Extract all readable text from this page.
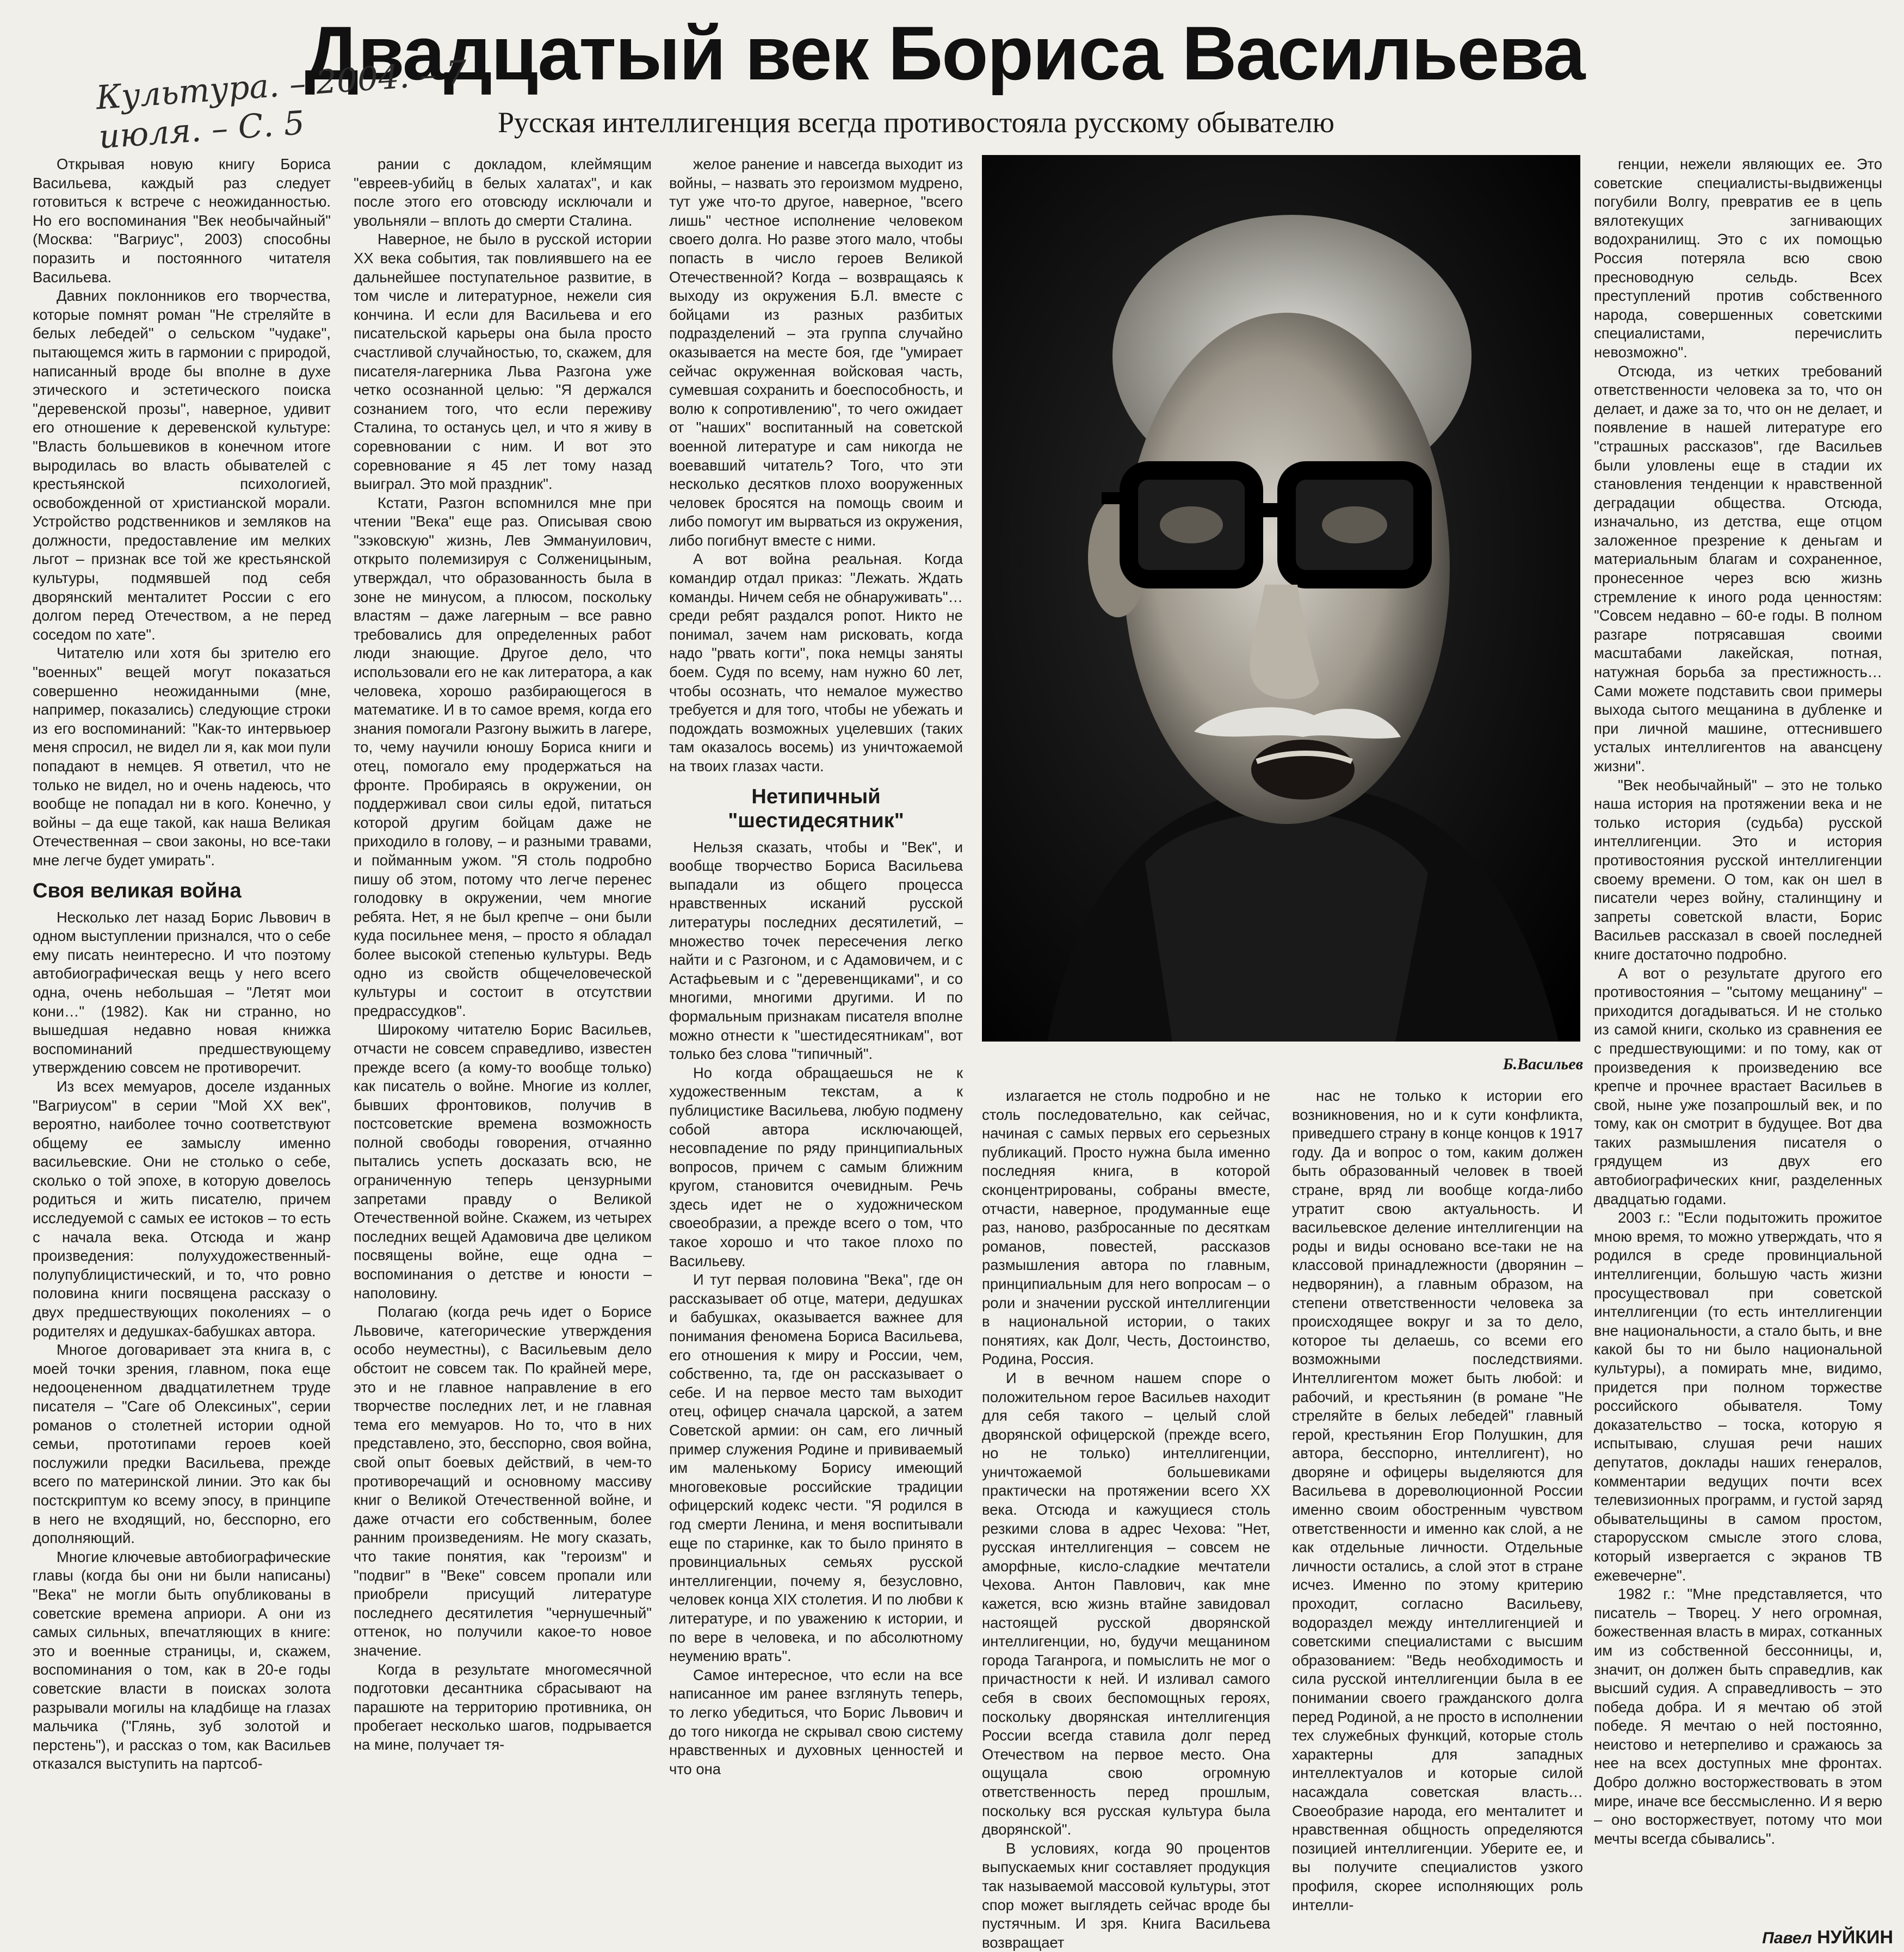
Двадцатый век Бориса Васильева
Культура. – 2004. – 7 июля. – С. 5	Русская интеллигенция всегда противостояла русскому обывателю

Открывая новую книгу Бориса Васильева, каждый раз следует готовиться к встрече с неожиданностью. Но его воспоминания "Век необычайный" (Москва: "Вагриус", 2003) способны поразить и постоянного читателя Васильева.

Давних поклонников его творчества, которые помнят роман "Не стреляйте в белых лебедей" о сельском "чудаке", пытающемся жить в гармонии с природой, написанный вроде бы вполне в духе этического и эстетического поиска "деревенской прозы", наверное, удивит его отношение к деревенской культуре: "Власть большевиков в конечном итоге выродилась во власть обывателей с крестьянской психологией, освобожденной от христианской морали. Устройство родственников и земляков на должности, предоставление им мелких льгот – признак все той же крестьянской культуры, подмявшей под себя дворянский менталитет России с его долгом перед Отечеством, а не перед соседом по хате".

Читателю или хотя бы зрителю его "военных" вещей могут показаться совершенно неожиданными (мне, например, показались) следующие строки из его воспоминаний: "Как-то интервьюер меня спросил, не видел ли я, как мои пули попадают в немцев. Я ответил, что не только не видел, но и очень надеюсь, что вообще не попадал ни в кого. Конечно, у войны – да еще такой, как наша Великая Отечественная – свои законы, но все-таки мне легче будет умирать".

Своя великая война

Несколько лет назад Борис Львович в одном выступлении признался, что о себе ему писать неинтересно. И что поэтому автобиографическая вещь у него всего одна, очень небольшая – "Летят мои кони…" (1982). Как ни странно, но вышедшая недавно новая книжка воспоминаний предшествующему утверждению совсем не противоречит.

Из всех мемуаров, доселе изданных "Вагриусом" в серии "Мой ХХ век", вероятно, наиболее точно соответствуют общему ее замыслу именно васильевские. Они не столько о себе, сколько о той эпохе, в которую довелось родиться и жить писателю, причем исследуемой с самых ее истоков – то есть с начала века. Отсюда и жанр произведения: полухудожественный-полупублицистический, и то, что ровно половина книги посвящена рассказу о двух предшествующих поколениях – о родителях и дедушках-бабушках автора.

Многое договаривает эта книга в, с моей точки зрения, главном, пока еще недооцененном двадцатилетнем труде писателя – "Саге об Олексиных", серии романов о столетней истории одной семьи, прототипами героев коей послужили предки Васильева, прежде всего по материнской линии. Это как бы постскриптум ко всему эпосу, в принципе в него не входящий, но, бесспорно, его дополняющий.

Многие ключевые автобиографические главы (когда бы они ни были написаны) "Века" не могли быть опубликованы в советские времена априори. А они из самых сильных, впечатляющих в книге: это и военные страницы, и, скажем, воспоминания о том, как в 20-е годы советские власти в поисках золота разрывали могилы на кладбище на глазах мальчика ("Глянь, зуб золотой и перстень"), и рассказ о том, как Васильев отказался выступить на партсоб-

рании с докладом, клеймящим "евреев-убийц в белых халатах", и как после этого его отовсюду исключали и увольняли – вплоть до смерти Сталина.

Наверное, не было в русской истории ХХ века события, так повлиявшего на ее дальнейшее поступательное развитие, в том числе и литературное, нежели сия кончина. И если для Васильева и его писательской карьеры она была просто счастливой случайностью, то, скажем, для писателя-лагерника Льва Разгона уже четко осознанной целью: "Я держался сознанием того, что если переживу Сталина, то останусь цел, и что я живу в соревновании с ним. И вот это соревнование я 45 лет тому назад выиграл. Это мой праздник".

Кстати, Разгон вспомнился мне при чтении "Века" еще раз. Описывая свою "зэковскую" жизнь, Лев Эммануилович, открыто полемизируя с Солженицыным, утверждал, что образованность была в зоне не минусом, а плюсом, поскольку властям – даже лагерным – все равно требовались для определенных работ люди знающие. Другое дело, что использовали его не как литератора, а как человека, хорошо разбирающегося в математике. И в то самое время, когда его знания помогали Разгону выжить в лагере, то, чему научили юношу Бориса книги и отец, помогало ему продержаться на фронте. Пробираясь в окружении, он поддерживал свои силы едой, питаться которой другим бойцам даже не приходило в голову, – и разными травами, и пойманным ужом. "Я столь подробно пишу об этом, потому что легче перенес голодовку в окружении, чем многие ребята. Нет, я не был крепче – они были куда посильнее меня, – просто я обладал более высокой степенью культуры. Ведь одно из свойств общечеловеческой культуры и состоит в отсутствии предрассудков".

Широкому читателю Борис Васильев, отчасти не совсем справедливо, известен прежде всего (а кому-то вообще только) как писатель о войне. Многие из коллег, бывших фронтовиков, получив в постсоветские времена возможность полной свободы говорения, отчаянно пытались успеть досказать всю, не ограниченную теперь цензурными запретами правду о Великой Отечественной войне. Скажем, из четырех последних вещей Адамовича две целиком посвящены войне, еще одна – воспоминания о детстве и юности – наполовину.

Полагаю (когда речь идет о Борисе Львовиче, категорические утверждения особо неуместны), с Васильевым дело обстоит не совсем так. По крайней мере, это и не главное направление в его творчестве последних лет, и не главная тема его мемуаров. Но то, что в них представлено, это, бесспорно, своя война, свой опыт боевых действий, в чем-то противоречащий и основному массиву книг о Великой Отечественной войне, и даже отчасти его собственным, более ранним произведениям. Не могу сказать, что такие понятия, как "героизм" и "подвиг" в "Веке" совсем пропали или приобрели присущий литературе последнего десятилетия "чернушечный" оттенок, но получили какое-то новое значение.

Когда в результате многомесячной подготовки десантника сбрасывают на парашюте на территорию противника, он пробегает несколько шагов, подрывается на мине, получает тя-

желое ранение и навсегда выходит из войны, – назвать это героизмом мудрено, тут уже что-то другое, наверное, "всего лишь" честное исполнение человеком своего долга. Но разве этого мало, чтобы попасть в число героев Великой Отечественной? Когда – возвращаясь к выходу из окружения Б.Л. вместе с бойцами из разных разбитых подразделений – эта группа случайно оказывается на месте боя, где "умирает сейчас окруженная войсковая часть, сумевшая сохранить и боеспособность, и волю к сопротивлению", то чего ожидает от "наших" воспитанный на советской военной литературе и сам никогда не воевавший читатель? Того, что эти несколько десятков плохо вооруженных человек бросятся на помощь своим и либо помогут им вырваться из окружения, либо погибнут вместе с ними.

А вот война реальная. Когда командир отдал приказ: "Лежать. Ждать команды. Ничем себя не обнаруживать"… среди ребят раздался ропот. Никто не понимал, зачем нам рисковать, когда надо "рвать когти", пока немцы заняты боем. Судя по всему, нам нужно 60 лет, чтобы осознать, что немалое мужество требуется и для того, чтобы не убежать и подождать возможных уцелевших (таких там оказалось восемь) из уничтожаемой на твоих глазах части.

Нетипичный "шестидесятник"

Нельзя сказать, чтобы и "Век", и вообще творчество Бориса Васильева выпадали из общего процесса нравственных исканий русской литературы последних десятилетий, – множество точек пересечения легко найти и с Разгоном, и с Адамовичем, и с Астафьевым и с "деревенщиками", и со многими, многими другими. И по формальным признакам писателя вполне можно отнести к "шестидесятникам", вот только без слова "типичный".

Но когда обращаешься не к художественным текстам, а к публицистике Васильева, любую подмену собой автора исключающей, несовпадение по ряду принципиальных вопросов, причем с самым ближним кругом, становится очевидным. Речь здесь идет не о художническом своеобразии, а прежде всего о том, что такое хорошо и что такое плохо по Васильеву.

И тут первая половина "Века", где он рассказывает об отце, матери, дедушках и бабушках, оказывается важнее для понимания феномена Бориса Васильева, его отношения к миру и России, чем, собственно, та, где он рассказывает о себе. И на первое место там выходит отец, офицер сначала царской, а затем Советской армии: он сам, его личный пример служения Родине и прививаемый им маленькому Борису имеющий многовековые российские традиции офицерский кодекс чести. "Я родился в год смерти Ленина, и меня воспитывали еще по старинке, как то было принято в провинциальных семьях русской интеллигенции, почему я, безусловно, человек конца XIX столетия. И по любви к литературе, и по уважению к истории, и по вере в человека, и по абсолютному неумению врать".

Самое интересное, что если на все написанное им ранее взглянуть теперь, то легко убедиться, что Борис Львович и до того никогда не скрывал свою систему нравственных и духовных ценностей и что она

Б.Васильев

излагается не столь подробно и не столь последовательно, как сейчас, начиная с самых первых его серьезных публикаций. Просто нужна была именно последняя книга, в которой сконцентрированы, собраны вместе, отчасти, наверное, продуманные еще раз, наново, разбросанные по десяткам романов, повестей, рассказов размышления автора по главным, принципиальным для него вопросам – о роли и значении русской интеллигенции в национальной истории, о таких понятиях, как Долг, Честь, Достоинство, Родина, Россия.

И в вечном нашем споре о положительном герое Васильев находит для себя такого – целый слой дворянской офицерской (прежде всего, но не только) интеллигенции, уничтожаемой большевиками практически на протяжении всего ХХ века. Отсюда и кажущиеся столь резкими слова в адрес Чехова: "Нет, русская интеллигенция – совсем не аморфные, кисло-сладкие мечтатели Чехова. Антон Павлович, как мне кажется, всю жизнь втайне завидовал настоящей русской дворянской интеллигенции, но, будучи мещанином города Таганрога, и помыслить не мог о причастности к ней. И изливал самого себя в своих беспомощных героях, поскольку дворянская интеллигенция России всегда ставила долг перед Отечеством на первое место. Она ощущала свою огромную ответственность перед прошлым, поскольку вся русская культура была дворянской".

В условиях, когда 90 процентов выпускаемых книг составляет продукция так называемой массовой культуры, этот спор может выглядеть сейчас вроде бы пустячным. И зря. Книга Васильева возвращает

нас не только к истории его возникновения, но и к сути конфликта, приведшего страну в конце концов к 1917 году. Да и вопрос о том, каким должен быть образованный человек в твоей стране, вряд ли вообще когда-либо утратит свою актуальность. И васильевское деление интеллигенции на роды и виды основано все-таки не на классовой принадлежности (дворянин – недворянин), а главным образом, на степени ответственности человека за происходящее вокруг и за то дело, которое ты делаешь, со всеми его возможными последствиями. Интеллигентом может быть любой: и рабочий, и крестьянин (в романе "Не стреляйте в белых лебедей" главный герой, крестьянин Егор Полушкин, для автора, бесспорно, интеллигент), но дворяне и офицеры выделяются для Васильева в дореволюционной России именно своим обостренным чувством ответственности и именно как слой, а не как отдельные личности. Отдельные личности остались, а слой этот в стране исчез. Именно по этому критерию проходит, согласно Васильеву, водораздел между интеллигенцией и советскими специалистами с высшим образованием: "Ведь необходимость и сила русской интеллигенции была в ее понимании своего гражданского долга перед Родиной, а не просто в исполнении тех служебных функций, которые столь характерны для западных интеллектуалов и которые силой насаждала советская власть… Своеобразие народа, его менталитет и нравственная общность определяются позицией интеллигенции. Уберите ее, и вы получите специалистов узкого профиля, скорее исполняющих роль интелли-

генции, нежели являющих ее. Это советские специалисты-выдвиженцы погубили Волгу, превратив ее в цепь вялотекущих загнивающих водохранилищ. Это с их помощью Россия потеряла всю свою пресноводную сельдь. Всех преступлений против собственного народа, совершенных советскими специалистами, перечислить невозможно".

Отсюда, из четких требований ответственности человека за то, что он делает, и даже за то, что он не делает, и появление в нашей литературе его "страшных рассказов", где Васильев были уловлены еще в стадии их становления тенденции к нравственной деградации общества. Отсюда, изначально, из детства, еще отцом заложенное презрение к деньгам и материальным благам и сохраненное, пронесенное через всю жизнь стремление к иного рода ценностям: "Совсем недавно – 60-е годы. В полном разгаре потрясавшая своими масштабами лакейская, потная, натужная борьба за престижность… Сами можете подставить свои примеры выхода сытого мещанина в дубленке и при личной машине, оттеснившего усталых интеллигентов на авансцену жизни".

"Век необычайный" – это не только наша история на протяжении века и не только история (судьба) русской интеллигенции. Это и история противостояния русской интеллигенции своему времени. О том, как он шел в писатели через войну, сталинщину и запреты советской власти, Борис Васильев рассказал в своей последней книге достаточно подробно.

А вот о результате другого его противостояния – "сытому мещанину" – приходится догадываться. И не столько из самой книги, сколько из сравнения ее с предшествующими: и по тому, как от произведения к произведению все крепче и прочнее врастает Васильев в свой, ныне уже позапрошлый век, и по тому, как он смотрит в будущее. Вот два таких размышления писателя о грядущем из двух его автобиографических книг, разделенных двадцатью годами.

2003 г.: "Если подытожить прожитое мною время, то можно утверждать, что я родился в среде провинциальной интеллигенции, большую часть жизни просуществовал при советской интеллигенции (то есть интеллигенции вне национальности, а стало быть, и вне какой бы то ни было национальной культуры), а помирать мне, видимо, придется при полном торжестве российского обывателя. Тому доказательство – тоска, которую я испытываю, слушая речи наших депутатов, доклады наших генералов, комментарии ведущих почти всех телевизионных программ, и густой заряд обывательщины в самом простом, старорусском смысле этого слова, который извергается с экранов ТВ ежевечерне".

1982 г.: "Мне представляется, что писатель – Творец. У него огромная, божественная власть в мирах, сотканных им из собственной бессонницы, и, значит, он должен быть справедлив, как высший судия. А справедливость – это победа добра. И я мечтаю об этой победе. Я мечтаю о ней постоянно, неистово и нетерпеливо и сражаюсь за нее на всех доступных мне фронтах. Добро должно восторжествовать в этом мире, иначе все бессмысленно. И я верю – оно восторжествует, потому что мои мечты всегда сбывались".

Павел НУЙКИН
